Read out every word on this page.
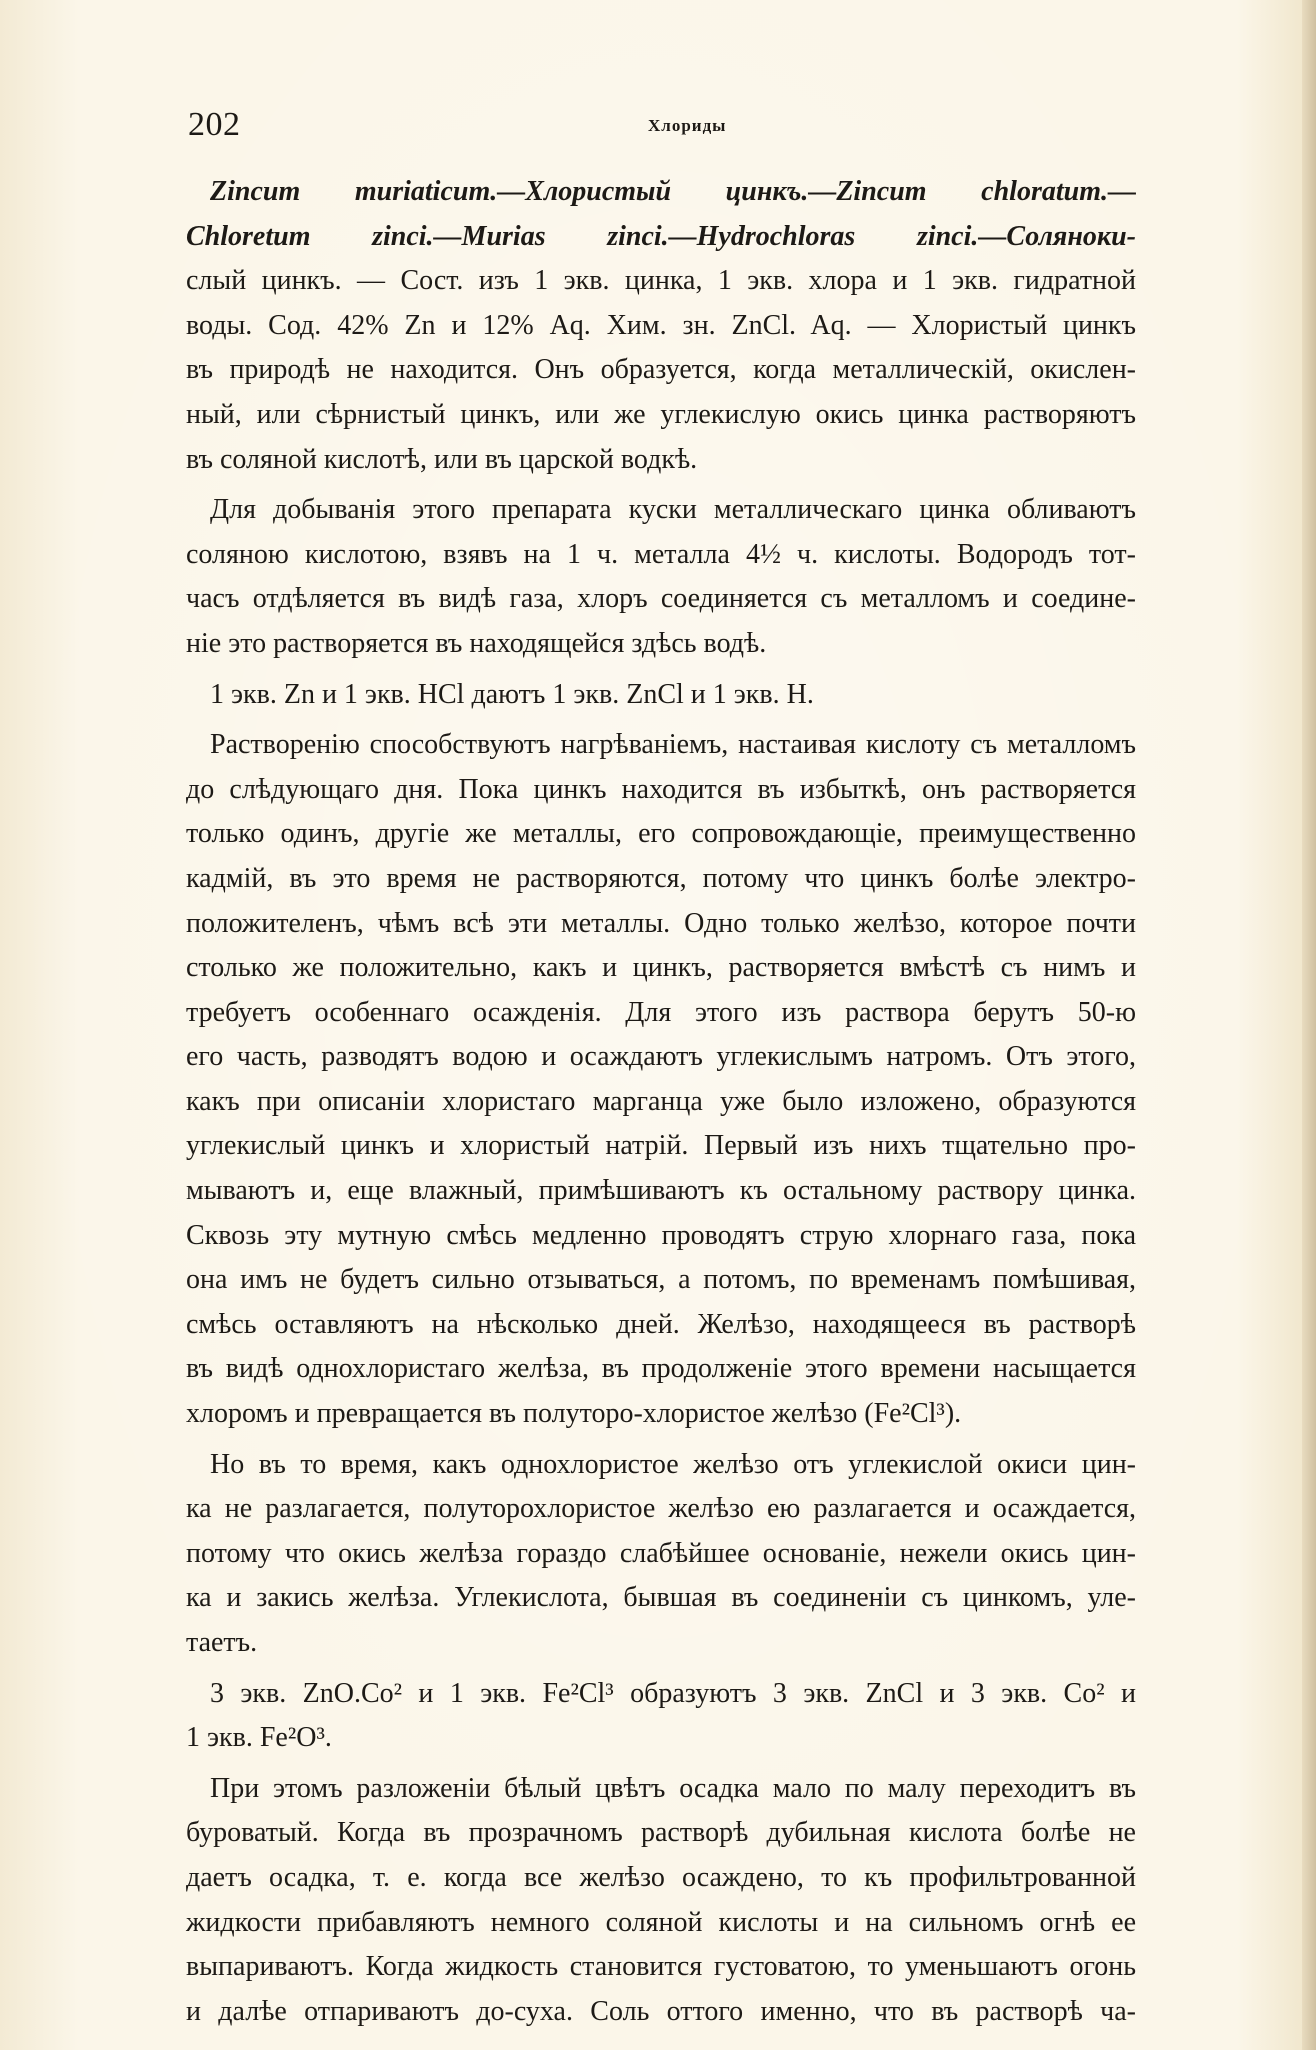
202	Хлориды

Zincum muriaticum.—Хлористый цинкъ.—Zincum chloratum.—

Chloretum zinci.—Murias zinci.—Hydrochloras zinci.—Солянoки-

слый цинкъ. — Сост. изъ 1 экв. цинка, 1 экв. хлора и 1 экв. гидратной

воды. Сод. 42% Zn и 12% Aq. Хим. зн. ZnCl. Aq. — Хлористый цинкъ

въ природѣ не находится. Онъ образуется, когда металлическій, окислен-

ный, или сѣрнистый цинкъ, или же углекислую окись цинка растворяютъ

въ соляной кислотѣ, или въ царской водкѣ.

Для добыванія этого препарата куски металлическаго цинка обливаютъ

соляною кислотою, взявъ на 1 ч. металла 4½ ч. кислоты. Водородъ тот-

часъ отдѣляется въ видѣ газа, хлоръ соединяется съ металломъ и соедине-

ніе это растворяется въ находящейся здѣсь водѣ.

1 экв. Zn и 1 экв. HCl даютъ 1 экв. ZnCl и 1 экв. H.

Растворенію способствуютъ нагрѣваніемъ, настаивая кислоту съ металломъ

до слѣдующаго дня. Пока цинкъ находится въ избыткѣ, онъ растворяется

только одинъ, другіе же металлы, его сопровождающіе, преимущественно

кадмій, въ это время не растворяются, потому что цинкъ болѣе электро-

положителенъ, чѣмъ всѣ эти металлы. Одно только желѣзо, которое почти

столько же положительно, какъ и цинкъ, растворяется вмѣстѣ съ нимъ и

требуетъ особеннаго осажденія. Для этого изъ раствора берутъ 50-ю

его часть, разводятъ водою и осаждаютъ углекислымъ натромъ. Отъ этого,

какъ при описаніи хлористаго марганца уже было изложено, образуются

углекислый цинкъ и хлористый натрій. Первый изъ нихъ тщательно про-

мываютъ и, еще влажный, примѣшиваютъ къ остальному раствору цинка.

Сквозь эту мутную смѣсь медленно проводятъ струю хлорнаго газа, пока

она имъ не будетъ сильно отзываться, а потомъ, по временамъ помѣшивая,

смѣсь оставляютъ на нѣсколько дней. Желѣзо, находящееся въ растворѣ

въ видѣ однохлористаго желѣза, въ продолженіе этого времени насыщается

хлоромъ и превращается въ полуторо-хлористое желѣзо (Fe²Cl³).

Но въ то время, какъ однохлористое желѣзо отъ углекислой окиси цин-

ка не разлагается, полуторохлористое желѣзо ею разлагается и осаждается,

потому что окись желѣза гораздо слабѣйшее основаніе, нежели окись цин-

ка и закись желѣза. Углекислота, бывшая въ соединеніи съ цинкомъ, уле-

таетъ.

3 экв. ZnO.Co² и 1 экв. Fe²Cl³ образуютъ 3 экв. ZnCl и 3 экв. Co² и

1 экв. Fe²O³.

При этомъ разложеніи бѣлый цвѣтъ осадка мало по малу переходитъ въ

буроватый. Когда въ прозрачномъ растворѣ дубильная кислота болѣе не

даетъ осадка, т. е. когда все желѣзо осаждено, то къ профильтрованной

жидкости прибавляютъ немного соляной кислоты и на сильномъ огнѣ ее

выпариваютъ. Когда жидкость становится густоватою, то уменьшаютъ огонь

и далѣе отпариваютъ до-суха. Соль оттого именно, что въ растворѣ ча-
